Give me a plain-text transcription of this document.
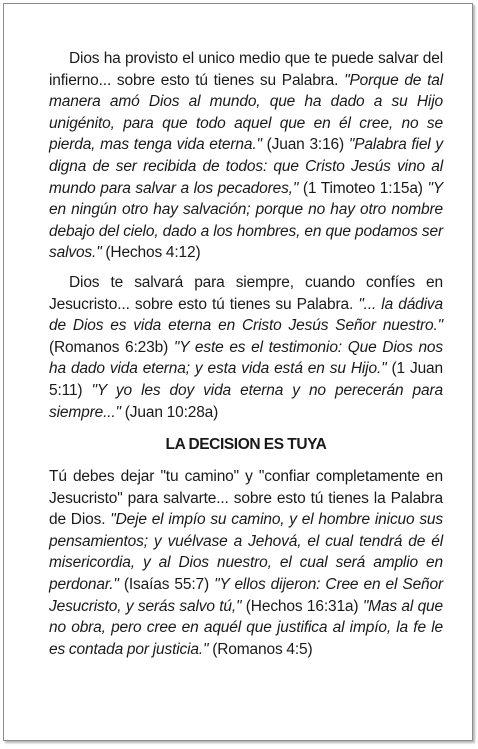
Dios ha provisto el unico medio que te puede salvar del infierno... sobre esto tú tienes su Palabra. "Porque de tal manera amó Dios al mundo, que ha dado a su Hijo unigénito, para que todo aquel que en él cree, no se pierda, mas tenga vida eterna." (Juan 3:16) "Palabra fiel y digna de ser recibida de todos: que Cristo Jesús vino al mundo para salvar a los pecadores," (1 Timoteo 1:15a) "Y en ningún otro hay salvación; porque no hay otro nombre debajo del cielo, dado a los hombres, en que podamos ser salvos." (Hechos 4:12)

Dios te salvará para siempre, cuando confíes en Jesucristo... sobre esto tú tienes su Palabra. "... la dádiva de Dios es vida eterna en Cristo Jesús Señor nuestro." (Romanos 6:23b) "Y este es el testimonio: Que Dios nos ha dado vida eterna; y esta vida está en su Hijo." (1 Juan 5:11) "Y yo les doy vida eterna y no perecerán para siempre..." (Juan 10:28a)

LA DECISION ES TUYA

Tú debes dejar "tu camino" y "confiar completamente en Jesucristo" para salvarte... sobre esto tú tienes la Palabra de Dios. "Deje el impío su camino, y el hombre inicuo sus pensamientos; y vuélvase a Jehová, el cual tendrá de él misericordia, y al Dios nuestro, el cual será amplio en perdonar." (Isaías 55:7) "Y ellos dijeron: Cree en el Señor Jesucristo, y serás salvo tú," (Hechos 16:31a) "Mas al que no obra, pero cree en aquél que justifica al impío, la fe le es contada por justicia." (Romanos 4:5)
